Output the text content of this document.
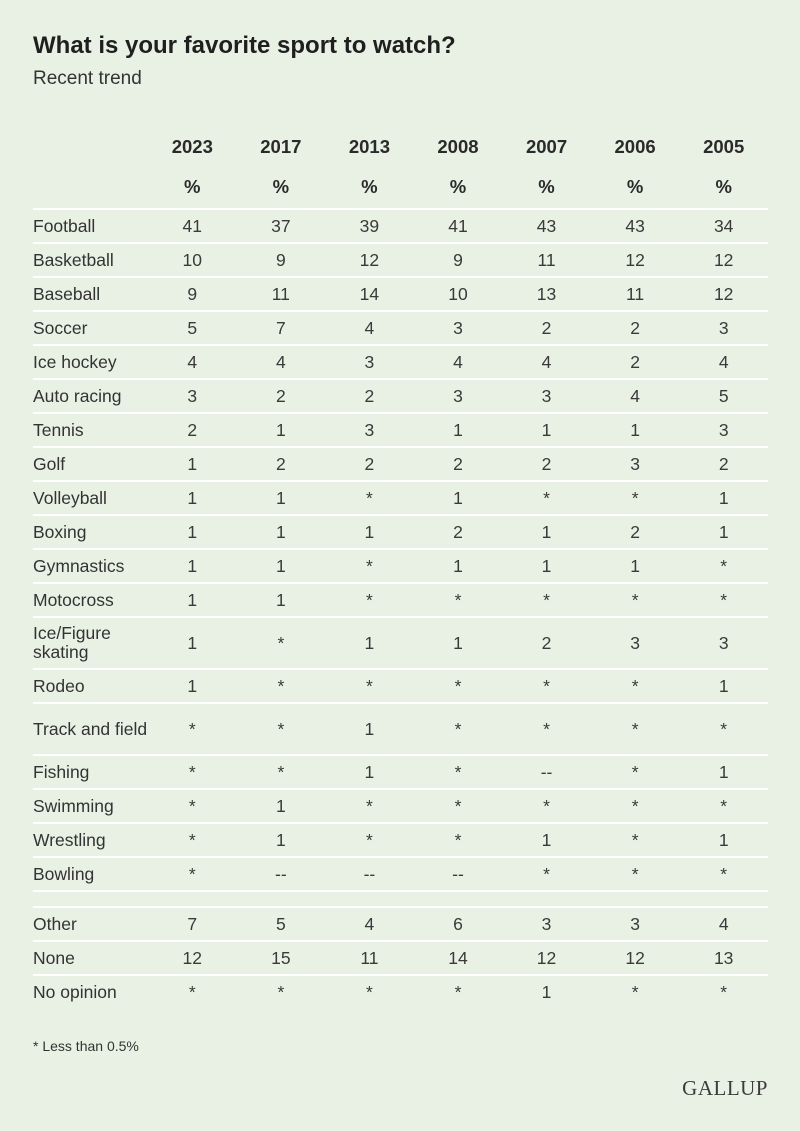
What is your favorite sport to watch?
Recent trend
	2023	2017	2013	2008	2007	2006	2005
	%	%	%	%	%	%	%
Football	41	37	39	41	43	43	34
Basketball	10	9	12	9	11	12	12
Baseball	9	11	14	10	13	11	12
Soccer	5	7	4	3	2	2	3
Ice hockey	4	4	3	4	4	2	4
Auto racing	3	2	2	3	3	4	5
Tennis	2	1	3	1	1	1	3
Golf	1	2	2	2	2	3	2
Volleyball	1	1	*	1	*	*	1
Boxing	1	1	1	2	1	2	1
Gymnastics	1	1	*	1	1	1	*
Motocross	1	1	*	*	*	*	*
Ice/Figure skating	1	*	1	1	2	3	3
Rodeo	1	*	*	*	*	*	1
Track and field	*	*	1	*	*	*	*
Fishing	*	*	1	*	--	*	1
Swimming	*	1	*	*	*	*	*
Wrestling	*	1	*	*	1	*	1
Bowling	*	--	--	--	*	*	*

Other	7	5	4	6	3	3	4
None	12	15	11	14	12	12	13
No opinion	*	*	*	*	1	*	*
* Less than 0.5%
GALLUP
